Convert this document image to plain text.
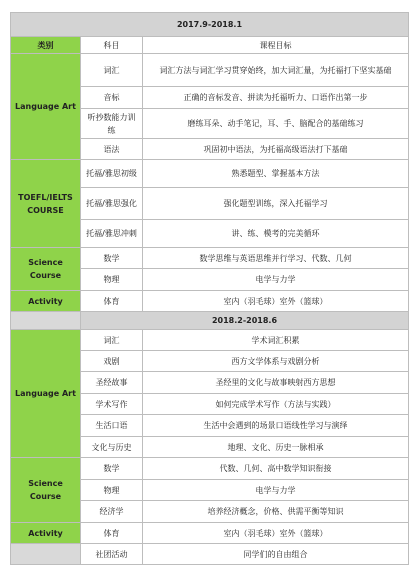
2017.9-2018.1		
类别	科目	课程目标
Language Art	词汇	词汇方法与词汇学习贯穿始终，加大词汇量，为托福打下坚实基础
	音标	正确的音标发音、拼读为托福听力、口语作出第一步
	听抄数能力训练	磨练耳朵、动手笔记，耳、手、脑配合的基础练习
	语法	巩固初中语法，为托福高级语法打下基础
TOEFL/IELTS COURSE	托福/雅思初级	熟悉题型、掌握基本方法
	托福/雅思强化	强化题型训练，深入托福学习
	托福/雅思冲刺	讲、练、模考的完美循环
Science Course	数学	数学思维与英语思维并行学习、代数、几何
	物理	电学与力学
Activity	体育	室内（羽毛球）室外（篮球）
	2018.2-2018.6	
Language Art	词汇	学术词汇积累
	戏剧	西方文学体系与戏剧分析
	圣经故事	圣经里的文化与故事映射西方思想
	学术写作	如何完成学术写作（方法与实践）
	生活口语	生活中会遇到的场景口语线性学习与演绎
	文化与历史	地理、文化、历史一脉相承
Science Course	数学	代数、几何、高中数学知识衔接
	物理	电学与力学
	经济学	培养经济概念，价格、供需平衡等知识
Activity	体育	室内（羽毛球）室外（篮球）
	社团活动	同学们的自由组合
